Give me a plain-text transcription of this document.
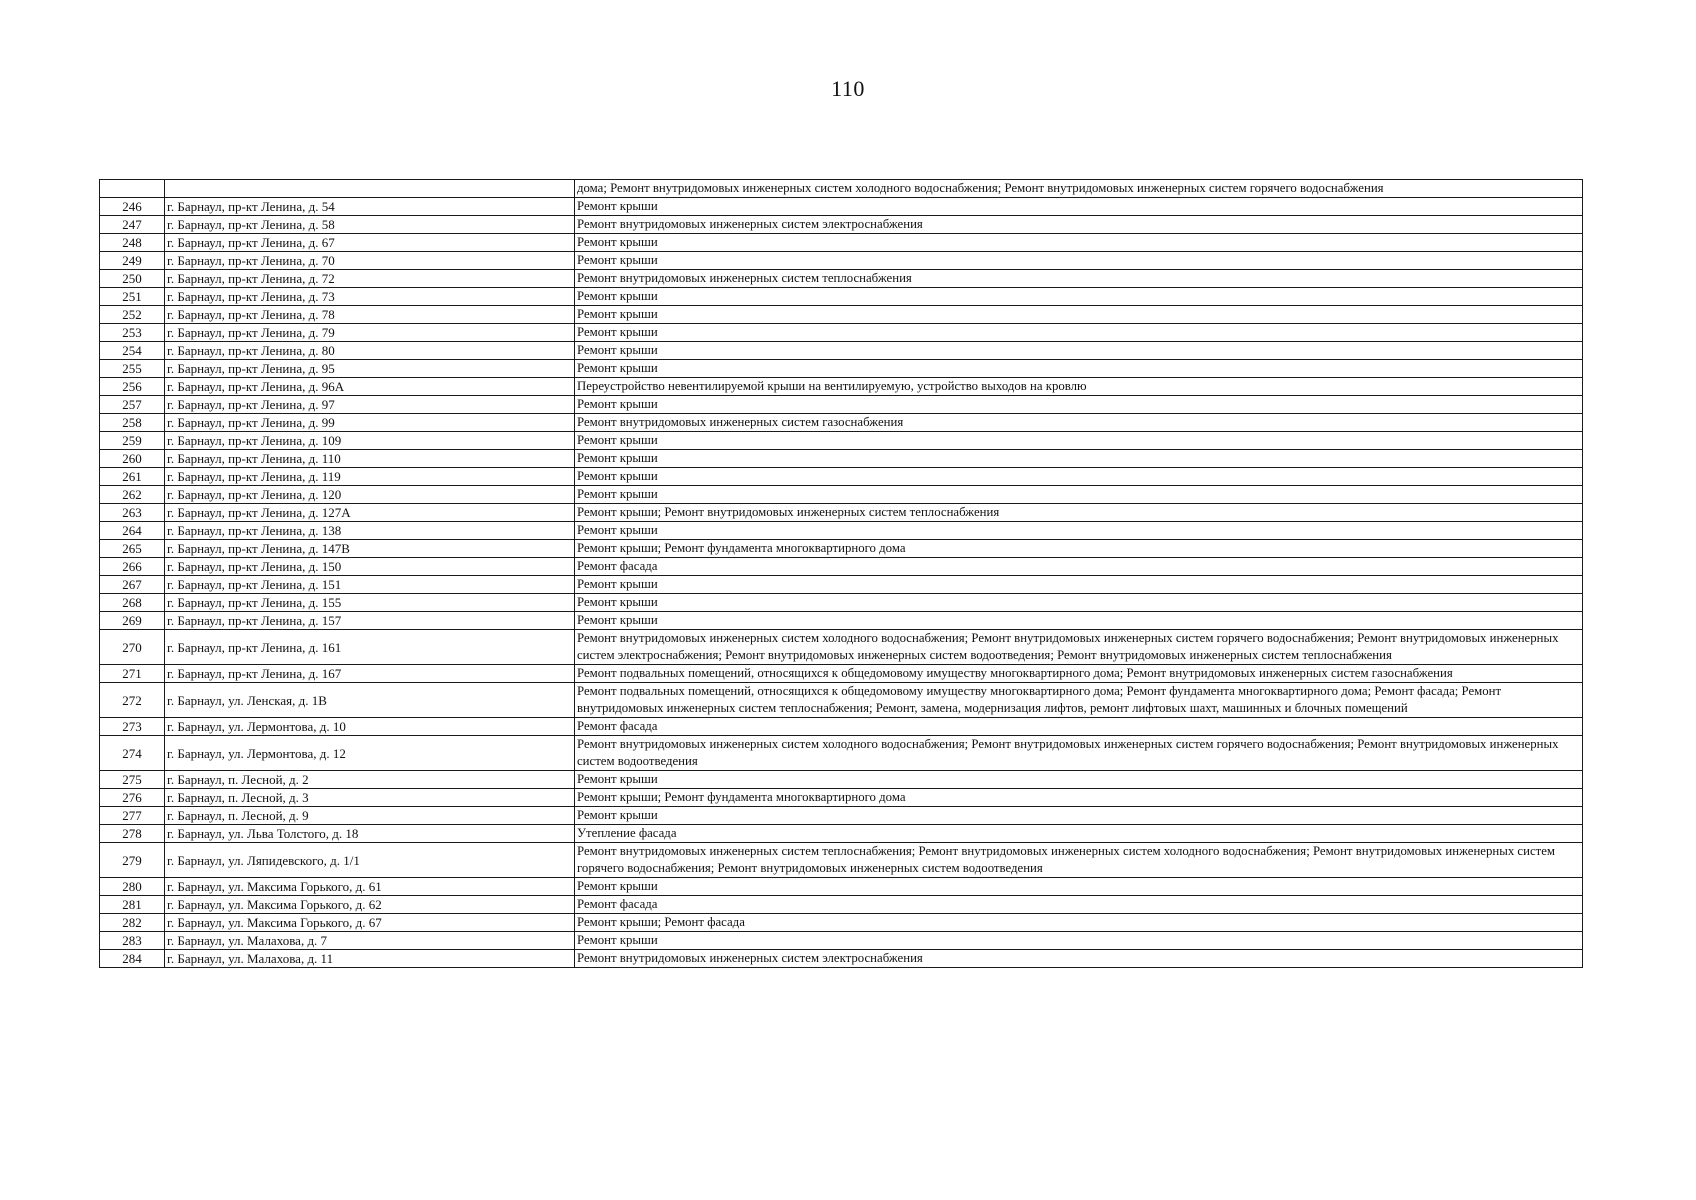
110
		дома; Ремонт внутридомовых инженерных систем холодного водоснабжения; Ремонт внутридомовых инженерных систем горячего водоснабжения
246	г. Барнаул, пр-кт Ленина, д. 54	Ремонт крыши
247	г. Барнаул, пр-кт Ленина, д. 58	Ремонт внутридомовых инженерных систем электроснабжения
248	г. Барнаул, пр-кт Ленина, д. 67	Ремонт крыши
249	г. Барнаул, пр-кт Ленина, д. 70	Ремонт крыши
250	г. Барнаул, пр-кт Ленина, д. 72	Ремонт внутридомовых инженерных систем теплоснабжения
251	г. Барнаул, пр-кт Ленина, д. 73	Ремонт крыши
252	г. Барнаул, пр-кт Ленина, д. 78	Ремонт крыши
253	г. Барнаул, пр-кт Ленина, д. 79	Ремонт крыши
254	г. Барнаул, пр-кт Ленина, д. 80	Ремонт крыши
255	г. Барнаул, пр-кт Ленина, д. 95	Ремонт крыши
256	г. Барнаул, пр-кт Ленина, д. 96А	Переустройство невентилируемой крыши на вентилируемую, устройство выходов на кровлю
257	г. Барнаул, пр-кт Ленина, д. 97	Ремонт крыши
258	г. Барнаул, пр-кт Ленина, д. 99	Ремонт внутридомовых инженерных систем газоснабжения
259	г. Барнаул, пр-кт Ленина, д. 109	Ремонт крыши
260	г. Барнаул, пр-кт Ленина, д. 110	Ремонт крыши
261	г. Барнаул, пр-кт Ленина, д. 119	Ремонт крыши
262	г. Барнаул, пр-кт Ленина, д. 120	Ремонт крыши
263	г. Барнаул, пр-кт Ленина, д. 127А	Ремонт крыши; Ремонт внутридомовых инженерных систем теплоснабжения
264	г. Барнаул, пр-кт Ленина, д. 138	Ремонт крыши
265	г. Барнаул, пр-кт Ленина, д. 147В	Ремонт крыши; Ремонт фундамента многоквартирного дома
266	г. Барнаул, пр-кт Ленина, д. 150	Ремонт фасада
267	г. Барнаул, пр-кт Ленина, д. 151	Ремонт крыши
268	г. Барнаул, пр-кт Ленина, д. 155	Ремонт крыши
269	г. Барнаул, пр-кт Ленина, д. 157	Ремонт крыши
270	г. Барнаул, пр-кт Ленина, д. 161	Ремонт внутридомовых инженерных систем холодного водоснабжения; Ремонт внутридомовых инженерных систем горячего водоснабжения; Ремонт внутридомовых инженерных систем электроснабжения; Ремонт внутридомовых инженерных систем водоотведения; Ремонт внутридомовых инженерных систем теплоснабжения
271	г. Барнаул, пр-кт Ленина, д. 167	Ремонт подвальных помещений, относящихся к общедомовому имуществу многоквартирного дома; Ремонт внутридомовых инженерных систем газоснабжения
272	г. Барнаул, ул. Ленская, д. 1В	Ремонт подвальных помещений, относящихся к общедомовому имуществу многоквартирного дома; Ремонт фундамента многоквартирного дома; Ремонт фасада; Ремонт внутридомовых инженерных систем теплоснабжения; Ремонт, замена, модернизация лифтов, ремонт лифтовых шахт, машинных и блочных помещений
273	г. Барнаул, ул. Лермонтова, д. 10	Ремонт фасада
274	г. Барнаул, ул. Лермонтова, д. 12	Ремонт внутридомовых инженерных систем холодного водоснабжения; Ремонт внутридомовых инженерных систем горячего водоснабжения; Ремонт внутридомовых инженерных систем водоотведения
275	г. Барнаул, п. Лесной, д. 2	Ремонт крыши
276	г. Барнаул, п. Лесной, д. 3	Ремонт крыши; Ремонт фундамента многоквартирного дома
277	г. Барнаул, п. Лесной, д. 9	Ремонт крыши
278	г. Барнаул, ул. Льва Толстого, д. 18	Утепление фасада
279	г. Барнаул, ул. Ляпидевского, д. 1/1	Ремонт внутридомовых инженерных систем теплоснабжения; Ремонт внутридомовых инженерных систем холодного водоснабжения; Ремонт внутридомовых инженерных систем горячего водоснабжения; Ремонт внутридомовых инженерных систем водоотведения
280	г. Барнаул, ул. Максима Горького, д. 61	Ремонт крыши
281	г. Барнаул, ул. Максима Горького, д. 62	Ремонт фасада
282	г. Барнаул, ул. Максима Горького, д. 67	Ремонт крыши; Ремонт фасада
283	г. Барнаул, ул. Малахова, д. 7	Ремонт крыши
284	г. Барнаул, ул. Малахова, д. 11	Ремонт внутридомовых инженерных систем электроснабжения
